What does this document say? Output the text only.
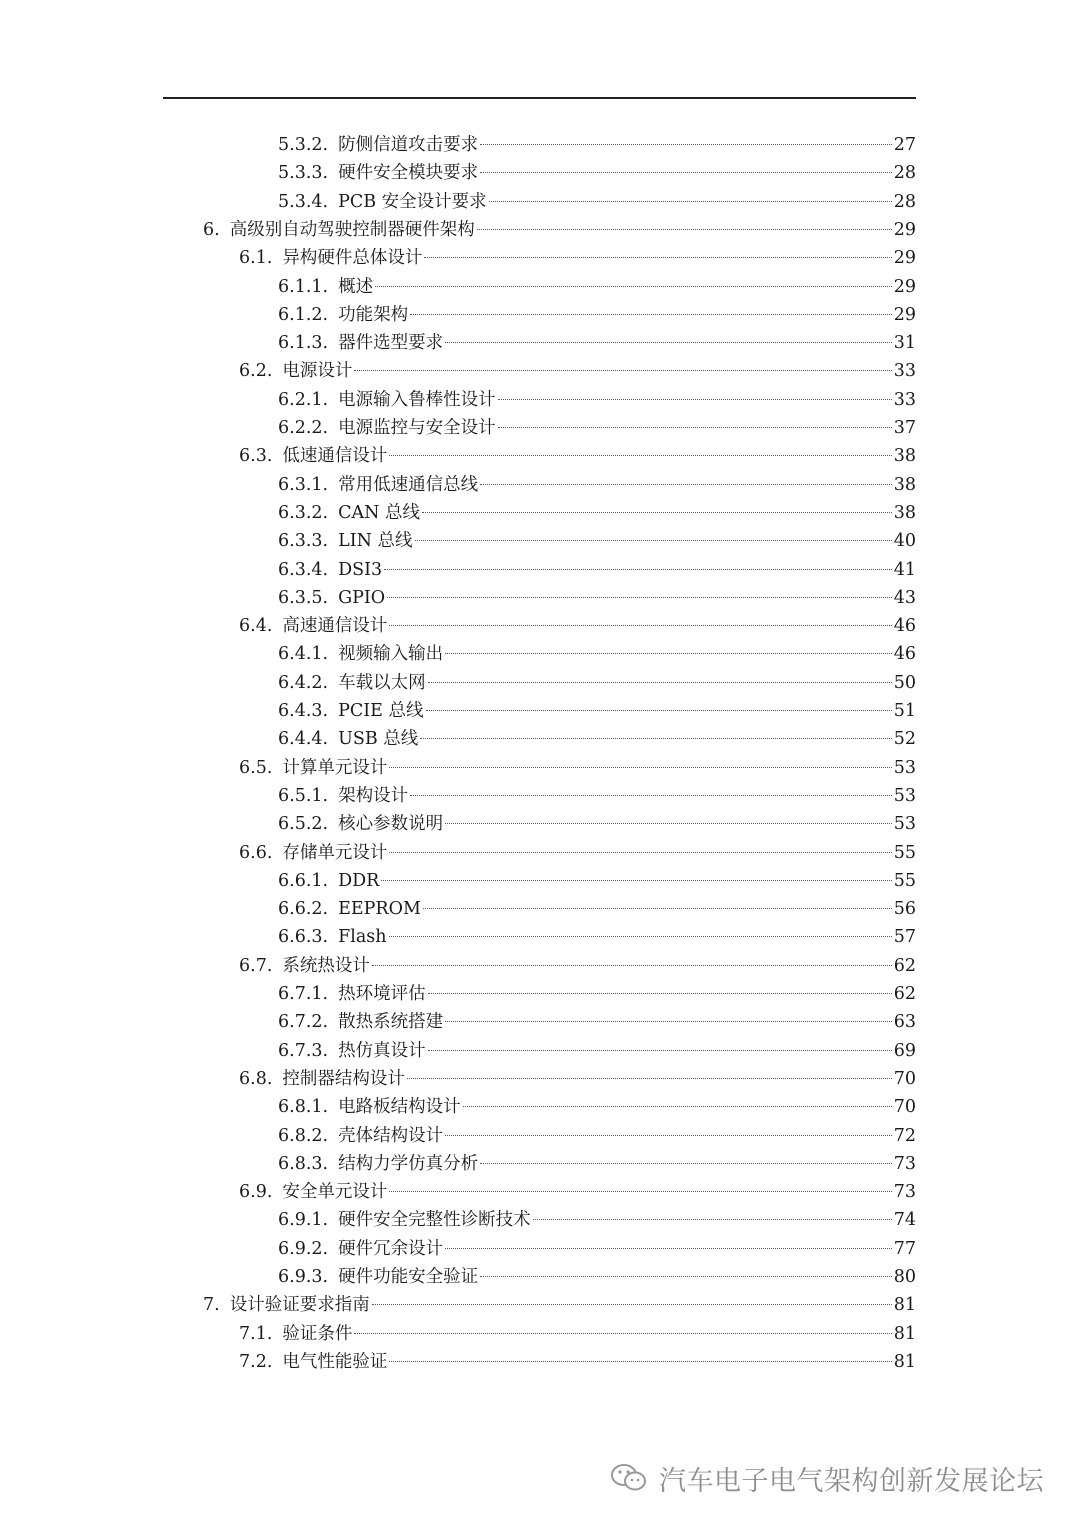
5.3.2. 防侧信道攻击要求	27
5.3.3. 硬件安全模块要求	28
5.3.4. PCB 安全设计要求	28
6. 高级别自动驾驶控制器硬件架构	29
6.1. 异构硬件总体设计	29
6.1.1. 概述	29
6.1.2. 功能架构	29
6.1.3. 器件选型要求	31
6.2. 电源设计	33
6.2.1. 电源输入鲁棒性设计	33
6.2.2. 电源监控与安全设计	37
6.3. 低速通信设计	38
6.3.1. 常用低速通信总线	38
6.3.2. CAN 总线	38
6.3.3. LIN 总线	40
6.3.4. DSI3	41
6.3.5. GPIO	43
6.4. 高速通信设计	46
6.4.1. 视频输入输出	46
6.4.2. 车载以太网	50
6.4.3. PCIE 总线	51
6.4.4. USB 总线	52
6.5. 计算单元设计	53
6.5.1. 架构设计	53
6.5.2. 核心参数说明	53
6.6. 存储单元设计	55
6.6.1. DDR	55
6.6.2. EEPROM	56
6.6.3. Flash	57
6.7. 系统热设计	62
6.7.1. 热环境评估	62
6.7.2. 散热系统搭建	63
6.7.3. 热仿真设计	69
6.8. 控制器结构设计	70
6.8.1. 电路板结构设计	70
6.8.2. 壳体结构设计	72
6.8.3. 结构力学仿真分析	73
6.9. 安全单元设计	73
6.9.1. 硬件安全完整性诊断技术	74
6.9.2. 硬件冗余设计	77
6.9.3. 硬件功能安全验证	80
7. 设计验证要求指南	81
7.1. 验证条件	81
7.2. 电气性能验证	81
汽车电子电气架构创新发展论坛
